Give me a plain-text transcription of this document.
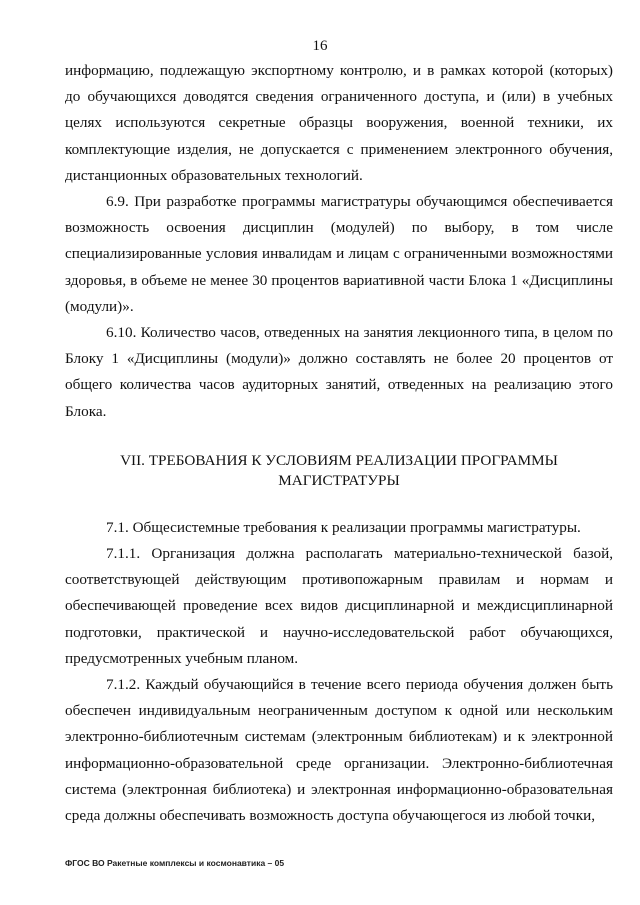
16

информацию, подлежащую экспортному контролю, и в рамках которой (которых) до обучающихся доводятся сведения ограниченного доступа, и (или) в учебных целях используются секретные образцы вооружения, военной техники, их комплектующие изделия, не допускается с применением электронного обучения, дистанционных образовательных технологий.

6.9. При разработке программы магистратуры обучающимся обеспечивается возможность освоения дисциплин (модулей) по выбору, в том числе специализированные условия инвалидам и лицам с ограниченными возможностями здоровья, в объеме не менее 30 процентов вариативной части Блока 1 «Дисциплины (модули)».

6.10. Количество часов, отведенных на занятия лекционного типа, в целом по Блоку 1 «Дисциплины (модули)» должно составлять не более 20 процентов от общего количества часов аудиторных занятий, отведенных на реализацию этого Блока.

VII. ТРЕБОВАНИЯ К УСЛОВИЯМ РЕАЛИЗАЦИИ ПРОГРАММЫ
МАГИСТРАТУРЫ

7.1. Общесистемные требования к реализации программы магистратуры.

7.1.1. Организация должна располагать материально-технической базой, соответствующей действующим противопожарным правилам и нормам и обеспечивающей проведение всех видов дисциплинарной и междисциплинарной подготовки, практической и научно-исследовательской работ обучающихся, предусмотренных учебным планом.

7.1.2. Каждый обучающийся в течение всего периода обучения должен быть обеспечен индивидуальным неограниченным доступом к одной или нескольким электронно-библиотечным системам (электронным библиотекам) и к электронной информационно-образовательной среде организации. Электронно-библиотечная система (электронная библиотека) и электронная информационно-образовательная среда должны обеспечивать возможность доступа обучающегося из любой точки,

ФГОС ВО Ракетные комплексы и космонавтика – 05
